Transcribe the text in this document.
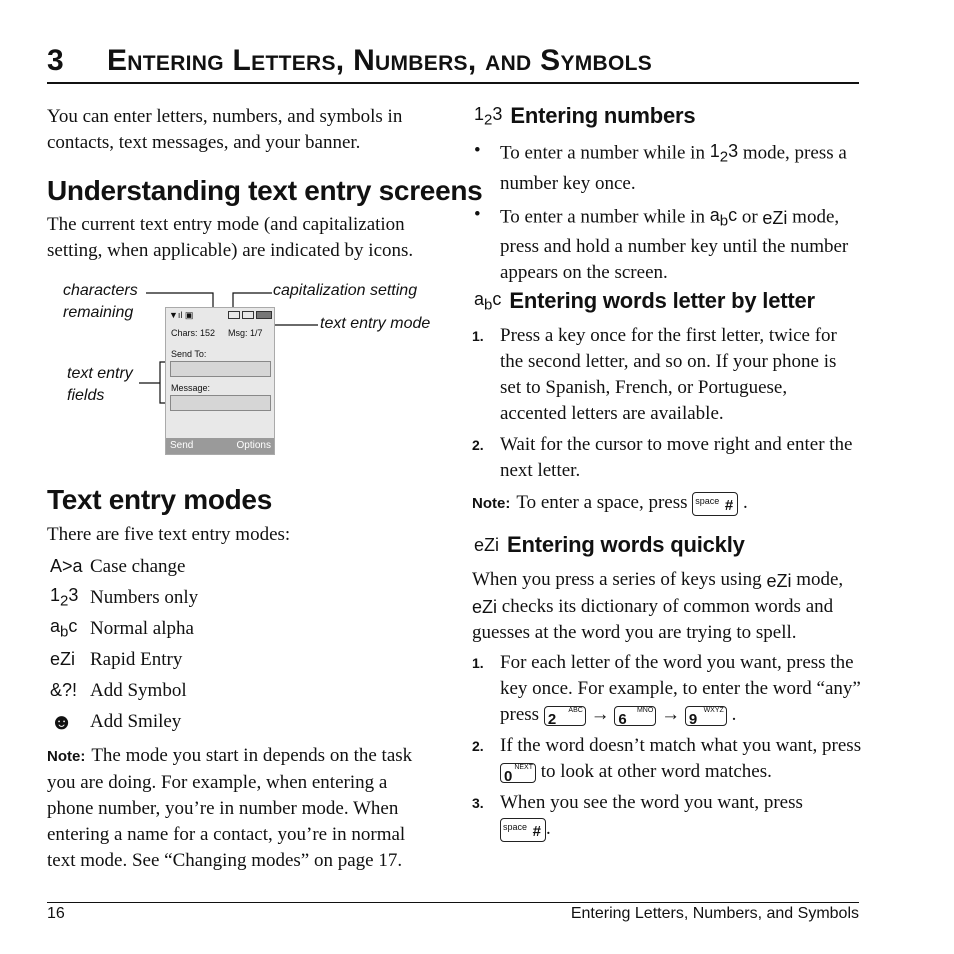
3 Entering Letters, Numbers, and Symbols
You can enter letters, numbers, and symbols in contacts, text messages, and your banner.
Understanding text entry screens
The current text entry mode (and capitalization setting, when applicable) are indicated by icons.
characters
remaining
capitalization setting
text entry mode
text entry
fields
▼ıl ▣
Chars: 152 Msg: 1/7
Send To:
Message:
Send	Options
Text entry modes
There are five text entry modes:
A>a Case change
$1_23$ Numbers only
$a_bc$ Normal alpha
eZi Rapid Entry
&?! Add Symbol
☻ Add Smiley
Note: The mode you start in depends on the task you are doing. For example, when entering a phone number, you’re in number mode. When entering a name for a contact, you’re in normal text mode. See “Changing modes” on page 17.
$1_23$ Entering numbers
• To enter a number while in $1_23$ mode, press a number key once.
• To enter a number while in $a_bc$ or eZi mode, press and hold a number key until the number appears on the screen.
$a_bc$ Entering words letter by letter
1. Press a key once for the first letter, twice for the second letter, and so on. If your phone is set to Spanish, French, or Portuguese, accented letters are available.
2. Wait for the cursor to move right and enter the next letter.
Note: To enter a space, press #
space .
eZi Entering words quickly
When you press a series of keys using eZi mode, eZi checks its dictionary of common words and guesses at the word you are trying to spell.
1. For each letter of the word you want, press the key once. For example, to enter the word “any” press 2
ABC → 6
MNO → 9
WXYZ .
2. If the word doesn’t match what you want, press
0
NEXT to look at other word matches.
3. When you see the word you want, press

#
space .
16	Entering Letters, Numbers, and Symbols
